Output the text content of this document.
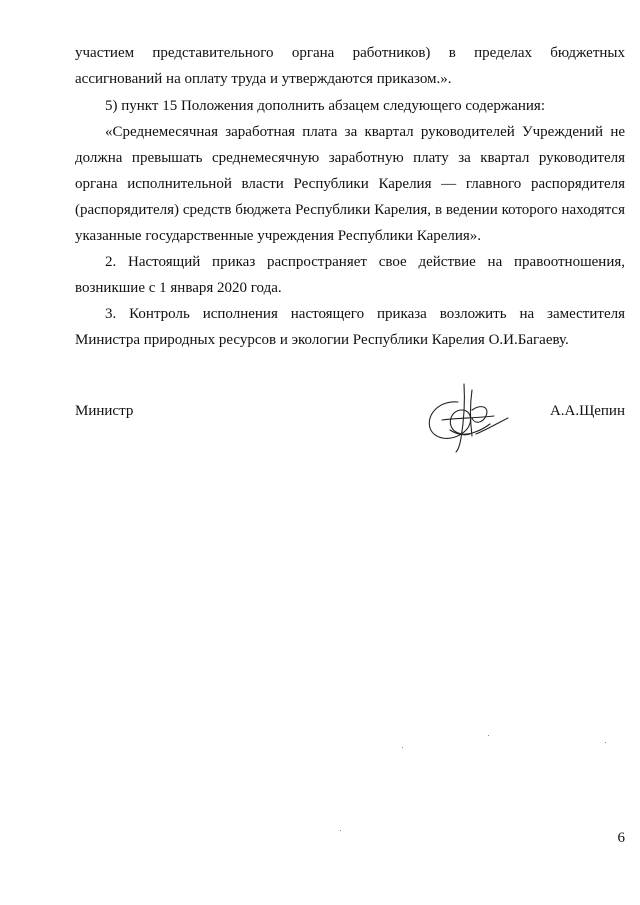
участием представительного органа работников) в пределах бюджетных ассигнований на оплату труда и утверждаются приказом.».

5) пункт 15 Положения дополнить абзацем следующего содержания:

«Среднемесячная заработная плата за квартал руководителей Учреждений не должна превышать среднемесячную заработную плату за квартал руководителя органа исполнительной власти Республики Карелия — главного распорядителя (распорядителя) средств бюджета Республики Карелия, в ведении которого находятся указанные государственные учреждения Республики Карелия».

2. Настоящий приказ распространяет свое действие на правоотношения, возникшие с 1 января 2020 года.

3. Контроль исполнения настоящего приказа возложить на заместителя Министра природных ресурсов и экологии Республики Карелия О.И.Багаеву.

Министр	А.А.Щепин
6
